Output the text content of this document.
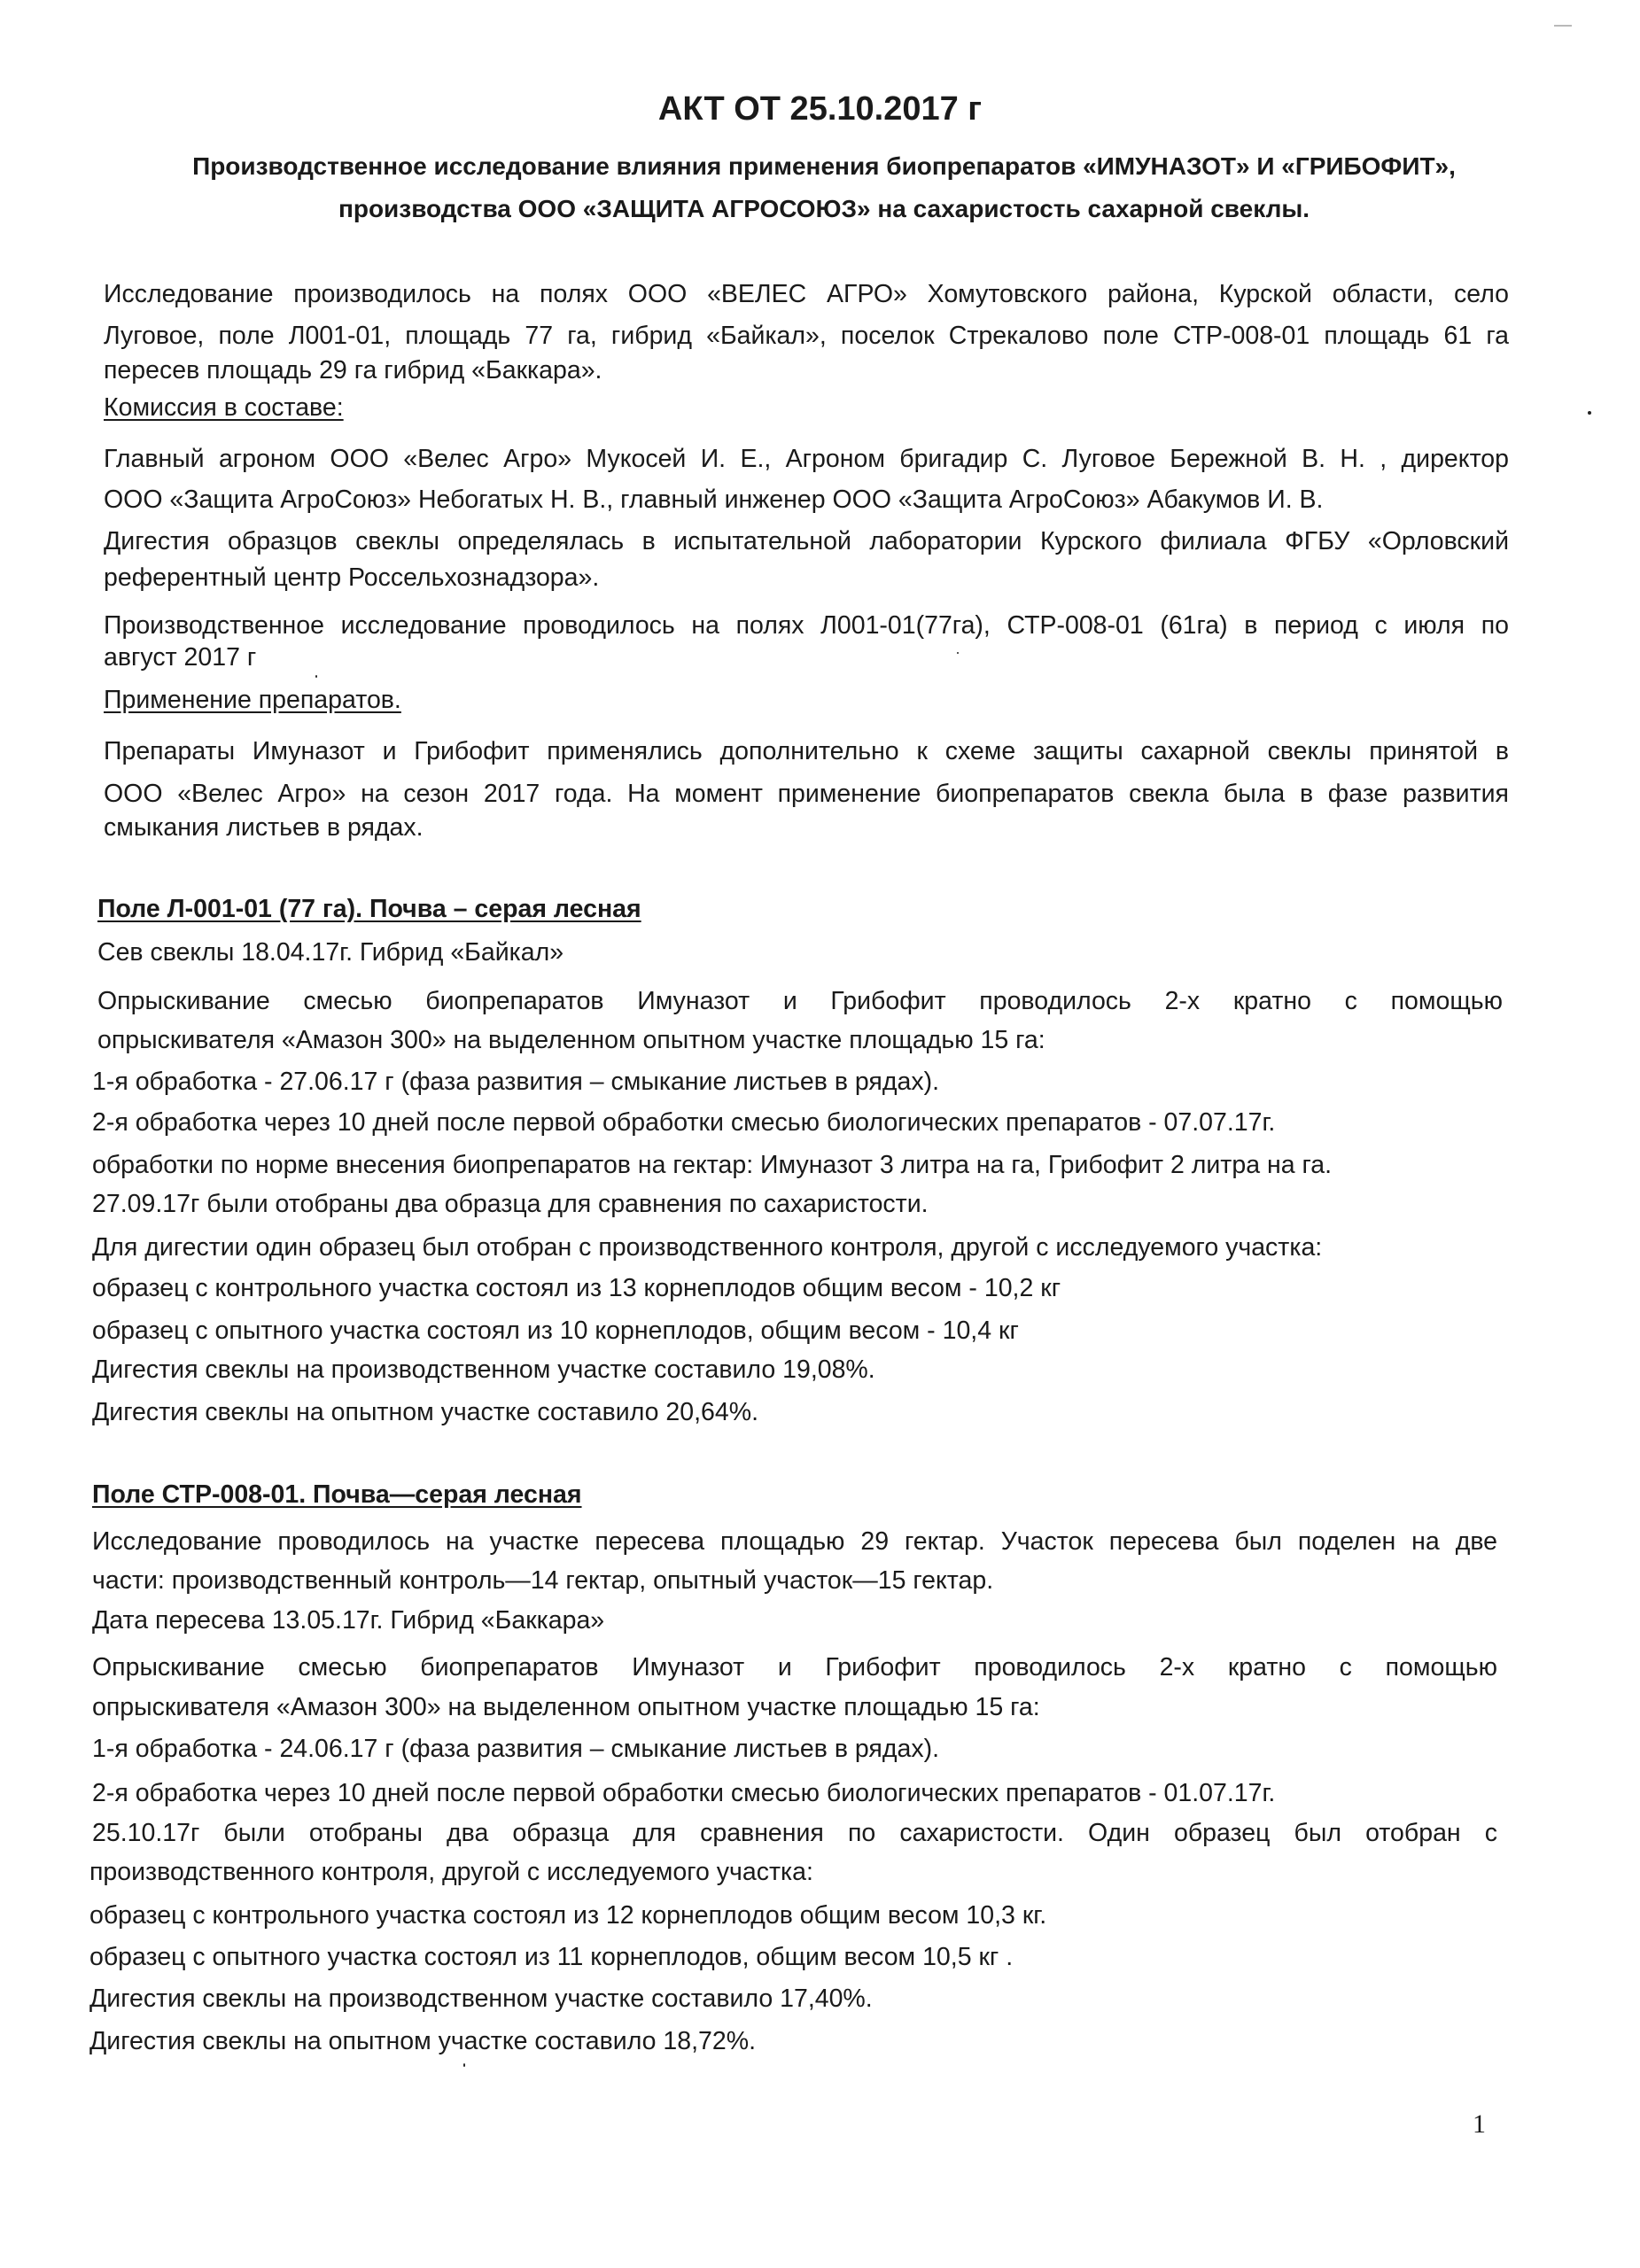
АКТ ОТ 25.10.2017 г
Производственное исследование влияния применения биопрепаратов «ИМУНАЗОТ» И «ГРИБОФИТ»,
производства ООО «ЗАЩИТА АГРОСОЮЗ» на сахаристость сахарной свеклы.
Исследование производилось на полях ООО «ВЕЛЕС АГРО» Хомутовского района, Курской области, село
Луговое, поле Л001-01, площадь 77 га, гибрид «Байкал», поселок Стрекалово поле СТР-008-01 площадь 61 га
пересев площадь 29 га гибрид «Баккара».
Комиссия в составе:
Главный агроном ООО «Велес Агро» Мукосей И. Е., Агроном бригадир С. Луговое Бережной В. Н. , директор
ООО «Защита АгроСоюз» Небогатых Н. В., главный инженер ООО «Защита АгроСоюз» Абакумов И. В.
Дигестия образцов свеклы определялась в испытательной лаборатории Курского филиала ФГБУ «Орловский
референтный центр Россельхознадзора».
Производственное исследование проводилось на полях Л001-01(77га), СТР-008-01 (61га) в период с июля по
август 2017 г
Применение препаратов.
Препараты Имуназот и Грибофит применялись дополнительно к схеме защиты сахарной свеклы принятой в
ООО «Велес Агро» на сезон 2017 года. На момент применение биопрепаратов свекла была в фазе развития
смыкания листьев в рядах.
Поле Л-001-01 (77 га). Почва – серая лесная
Сев свеклы 18.04.17г. Гибрид «Байкал»
Опрыскивание смесью биопрепаратов Имуназот и Грибофит проводилось 2-х кратно с помощью
опрыскивателя «Амазон 300» на выделенном опытном участке площадью 15 га:
1-я обработка - 27.06.17 г (фаза развития – смыкание листьев в рядах).
2-я обработка через 10 дней после первой обработки смесью биологических препаратов - 07.07.17г.
обработки по норме внесения биопрепаратов на гектар: Имуназот 3 литра на га, Грибофит 2 литра на га.
27.09.17г были отобраны два образца для сравнения по сахаристости.
Для дигестии один образец был отобран с производственного контроля, другой с исследуемого участка:
образец с контрольного участка состоял из 13 корнеплодов общим весом - 10,2 кг
образец с опытного участка состоял из 10 корнеплодов, общим весом - 10,4 кг
Дигестия свеклы на производственном участке составило 19,08%.
Дигестия свеклы на опытном участке составило 20,64%.
Поле СТР-008-01. Почва—серая лесная
Исследование проводилось на участке пересева площадью 29 гектар. Участок пересева был поделен на две
части: производственный контроль—14 гектар, опытный участок—15 гектар.
Дата пересева 13.05.17г. Гибрид «Баккара»
Опрыскивание смесью биопрепаратов Имуназот и Грибофит проводилось 2-х кратно с помощью
опрыскивателя «Амазон 300» на выделенном опытном участке площадью 15 га:
1-я обработка - 24.06.17 г (фаза развития – смыкание листьев в рядах).
2-я обработка через 10 дней после первой обработки смесью биологических препаратов - 01.07.17г.
25.10.17г были отобраны два образца для сравнения по сахаристости. Один образец был отобран с
производственного контроля, другой с исследуемого участка:
образец с контрольного участка состоял из 12 корнеплодов общим весом 10,3 кг.
образец с опытного участка состоял из 11 корнеплодов, общим весом 10,5 кг .
Дигестия свеклы на производственном участке составило 17,40%.
Дигестия свеклы на опытном участке составило 18,72%.
1
